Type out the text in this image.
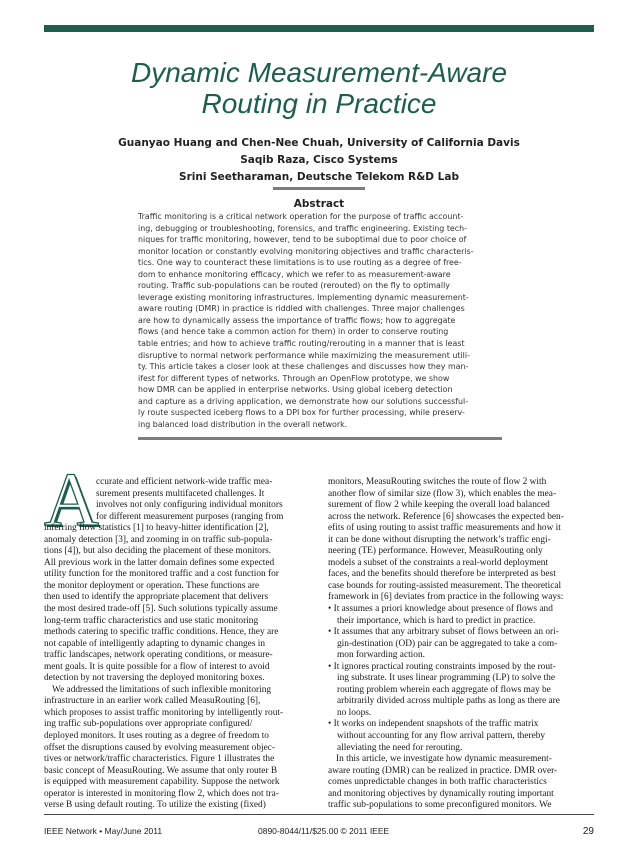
Dynamic Measurement-Aware
Routing in Practice
Guanyao Huang and Chen-Nee Chuah, University of California Davis
Saqib Raza, Cisco Systems
Srini Seetharaman, Deutsche Telekom R&D Lab
Abstract
Traffic monitoring is a critical network operation for the purpose of traffic account-
ing, debugging or troubleshooting, forensics, and traffic engineering. Existing tech-
niques for traffic monitoring, however, tend to be suboptimal due to poor choice of
monitor location or constantly evolving monitoring objectives and traffic characteris-
tics. One way to counteract these limitations is to use routing as a degree of free-
dom to enhance monitoring efficacy, which we refer to as measurement-aware
routing. Traffic sub-populations can be routed (rerouted) on the fly to optimally
leverage existing monitoring infrastructures. Implementing dynamic measurement-
aware routing (DMR) in practice is riddled with challenges. Three major challenges
are how to dynamically assess the importance of traffic flows; how to aggregate
flows (and hence take a common action for them) in order to conserve routing
table entries; and how to achieve traffic routing/rerouting in a manner that is least
disruptive to normal network performance while maximizing the measurement utili-
ty. This article takes a closer look at these challenges and discusses how they man-
ifest for different types of networks. Through an OpenFlow prototype, we show
how DMR can be applied in enterprise networks. Using global iceberg detection
and capture as a driving application, we demonstrate how our solutions successful-
ly route suspected iceberg flows to a DPI box for further processing, while preserv-
ing balanced load distribution in the overall network.
A
ccurate and efficient network-wide traffic mea-
surement presents multifaceted challenges. It
involves not only configuring individual monitors
for different measurement purposes (ranging from
inferring flow statistics [1] to heavy-hitter identification [2],
anomaly detection [3], and zooming in on traffic sub-popula-
tions [4]), but also deciding the placement of these monitors.
All previous work in the latter domain defines some expected
utility function for the monitored traffic and a cost function for
the monitor deployment or operation. These functions are
then used to identify the appropriate placement that delivers
the most desired trade-off [5]. Such solutions typically assume
long-term traffic characteristics and use static monitoring
methods catering to specific traffic conditions. Hence, they are
not capable of intelligently adapting to dynamic changes in
traffic landscapes, network operating conditions, or measure-
ment goals. It is quite possible for a flow of interest to avoid
detection by not traversing the deployed monitoring boxes.
We addressed the limitations of such inflexible monitoring
infrastructure in an earlier work called MeasuRouting [6],
which proposes to assist traffic monitoring by intelligently rout-
ing traffic sub-populations over appropriate configured/
deployed monitors. It uses routing as a degree of freedom to
offset the disruptions caused by evolving measurement objec-
tives or network/traffic characteristics. Figure 1 illustrates the
basic concept of MeasuRouting. We assume that only router B
is equipped with measurement capability. Suppose the network
operator is interested in monitoring flow 2, which does not tra-
verse B using default routing. To utilize the existing (fixed)
monitors, MeasuRouting switches the route of flow 2 with
another flow of similar size (flow 3), which enables the mea-
surement of flow 2 while keeping the overall load balanced
across the network. Reference [6] showcases the expected ben-
efits of using routing to assist traffic measurements and how it
it can be done without disrupting the network’s traffic engi-
neering (TE) performance. However, MeasuRouting only
models a subset of the constraints a real-world deployment
faces, and the benefits should therefore be interpreted as best
case bounds for routing-assisted measurement. The theoretical
framework in [6] deviates from practice in the following ways:
• It assumes a priori knowledge about presence of flows and
their importance, which is hard to predict in practice.
• It assumes that any arbitrary subset of flows between an ori-
gin-destination (OD) pair can be aggregated to take a com-
mon forwarding action.
• It ignores practical routing constraints imposed by the rout-
ing substrate. It uses linear programming (LP) to solve the
routing problem wherein each aggregate of flows may be
arbitrarily divided across multiple paths as long as there are
no loops.
• It works on independent snapshots of the traffic matrix
without accounting for any flow arrival pattern, thereby
alleviating the need for rerouting.
In this article, we investigate how dynamic measurement-
aware routing (DMR) can be realized in practice. DMR over-
comes unpredictable changes in both traffic characteristics
and monitoring objectives by dynamically routing important
traffic sub-populations to some preconfigured monitors. We
IEEE Network • May/June 2011	0890-8044/11/$25.00 © 2011 IEEE	29
